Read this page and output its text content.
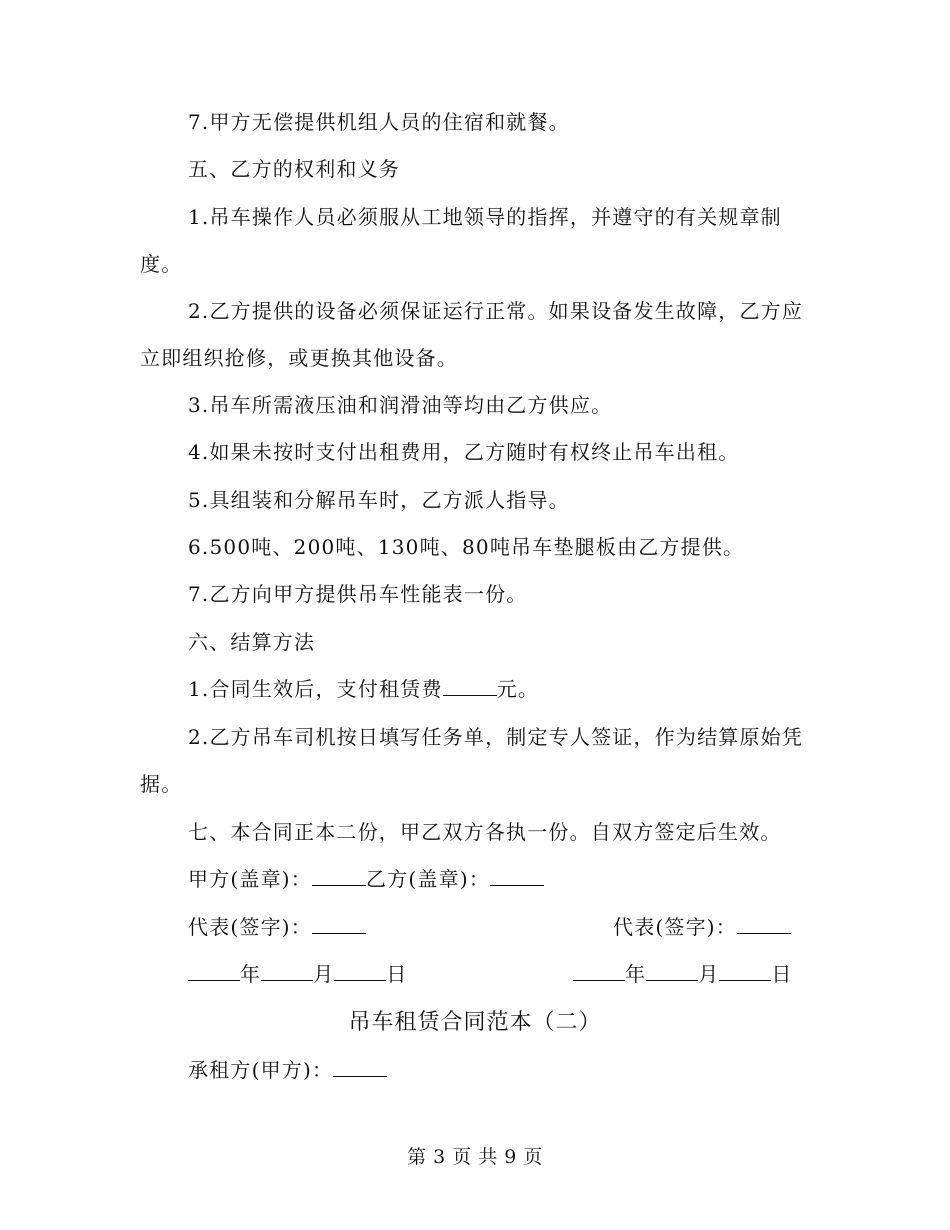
7.甲方无偿提供机组人员的住宿和就餐。
五、乙方的权利和义务
1.吊车操作人员必须服从工地领导的指挥，并遵守的有关规章制
度。
2.乙方提供的设备必须保证运行正常。如果设备发生故障，乙方应
立即组织抢修，或更换其他设备。
3.吊车所需液压油和润滑油等均由乙方供应。
4.如果未按时支付出租费用，乙方随时有权终止吊车出租。
5.具组装和分解吊车时，乙方派人指导。
6.500吨、200吨、130吨、80吨吊车垫腿板由乙方提供。
7.乙方向甲方提供吊车性能表一份。
六、结算方法
1.合同生效后，支付租赁费	元。
2.乙方吊车司机按日填写任务单，制定专人签证，作为结算原始凭
据。
七、本合同正本二份，甲乙双方各执一份。自双方签定后生效。
甲方(盖章)：	乙方(盖章)：
代表(签字)：	代表(签字)：
年	月	日	年	月	日
吊车租赁合同范本（二）
承租方(甲方)：
第 3 页 共 9 页
